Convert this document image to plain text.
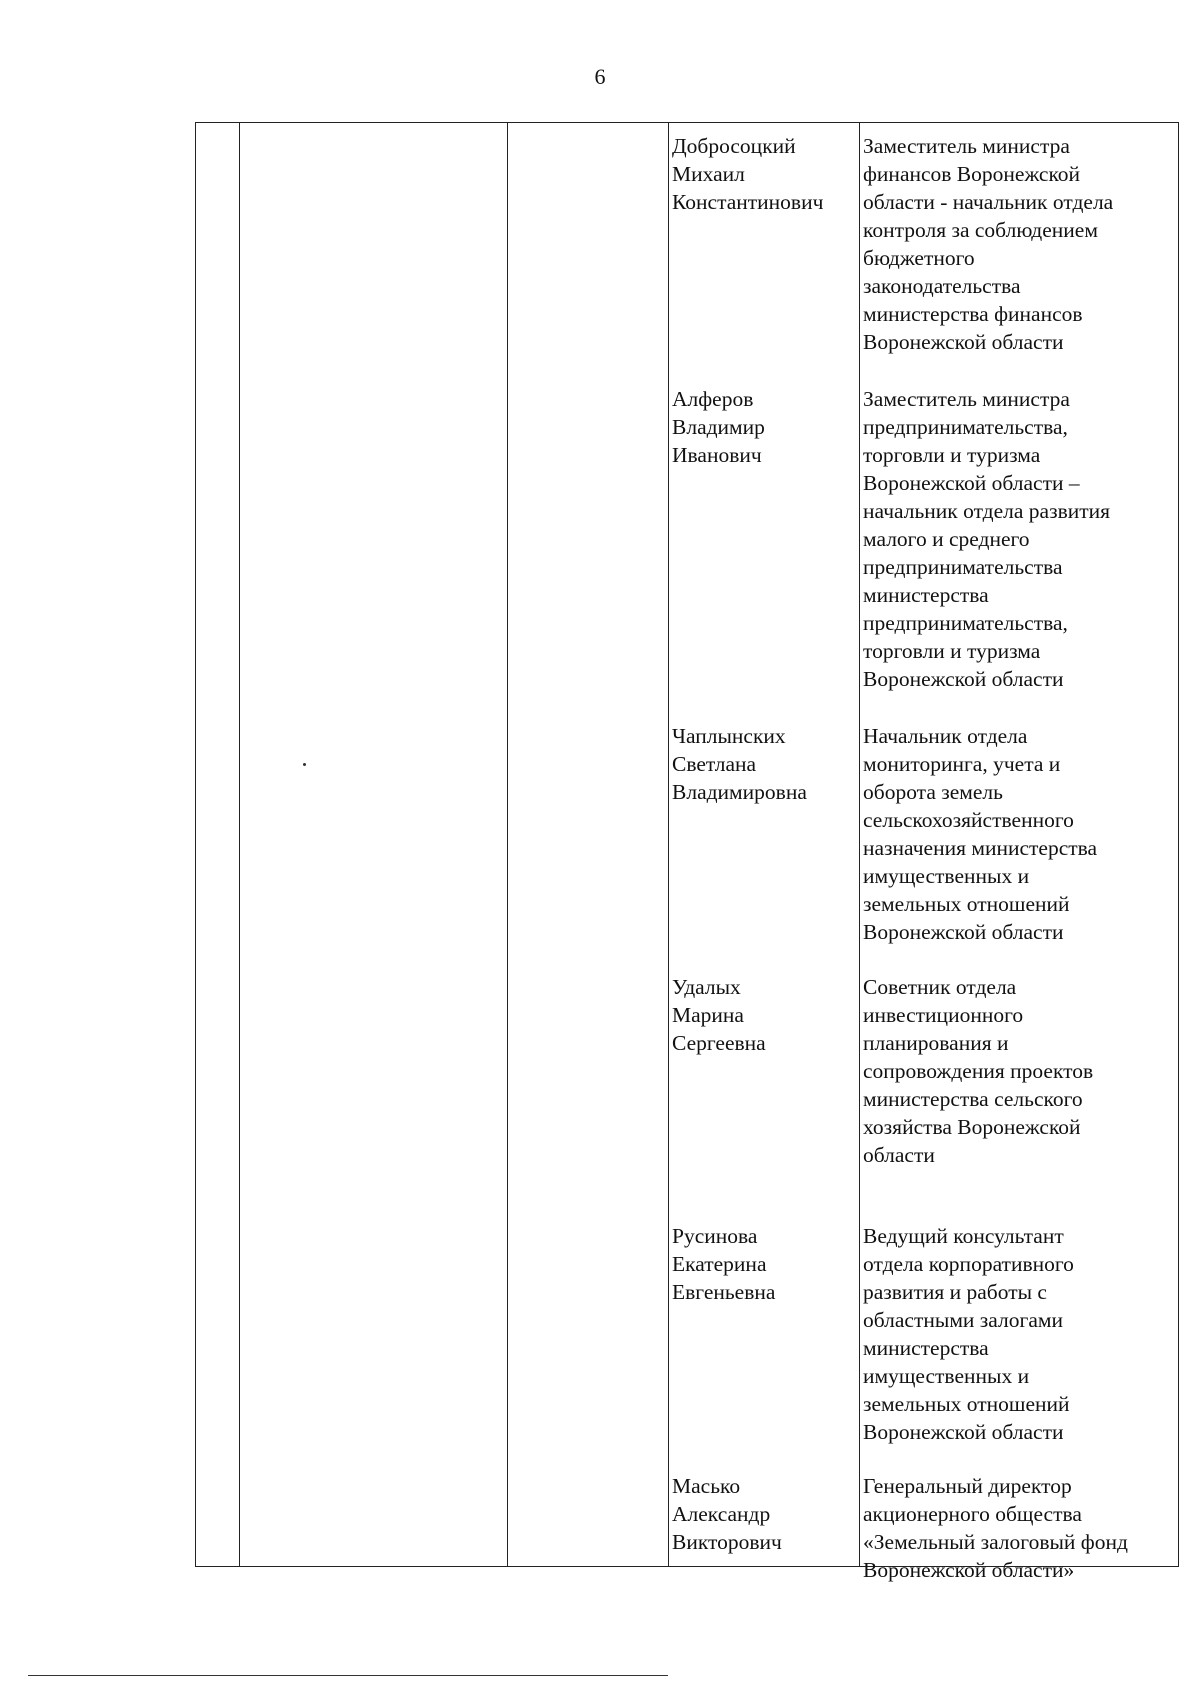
6
Добросоцкий
Михаил
Константинович
Заместитель министра
финансов Воронежской
области - начальник отдела
контроля за соблюдением
бюджетного
законодательства
министерства финансов
Воронежской области
Алферов
Владимир
Иванович
Заместитель министра
предпринимательства,
торговли и туризма
Воронежской области –
начальник отдела развития
малого и среднего
предпринимательства
министерства
предпринимательства,
торговли и туризма
Воронежской области
Чаплынских
Светлана
Владимировна
Начальник отдела
мониторинга, учета и
оборота земель
сельскохозяйственного
назначения министерства
имущественных и
земельных отношений
Воронежской области
Удалых
Марина
Сергеевна
Советник отдела
инвестиционного
планирования и
сопровождения проектов
министерства сельского
хозяйства Воронежской
области
Русинова
Екатерина
Евгеньевна
Ведущий консультант
отдела корпоративного
развития и работы с
областными залогами
министерства
имущественных и
земельных отношений
Воронежской области
Масько
Александр
Викторович
Генеральный директор
акционерного общества
«Земельный залоговый фонд
Воронежской области»
